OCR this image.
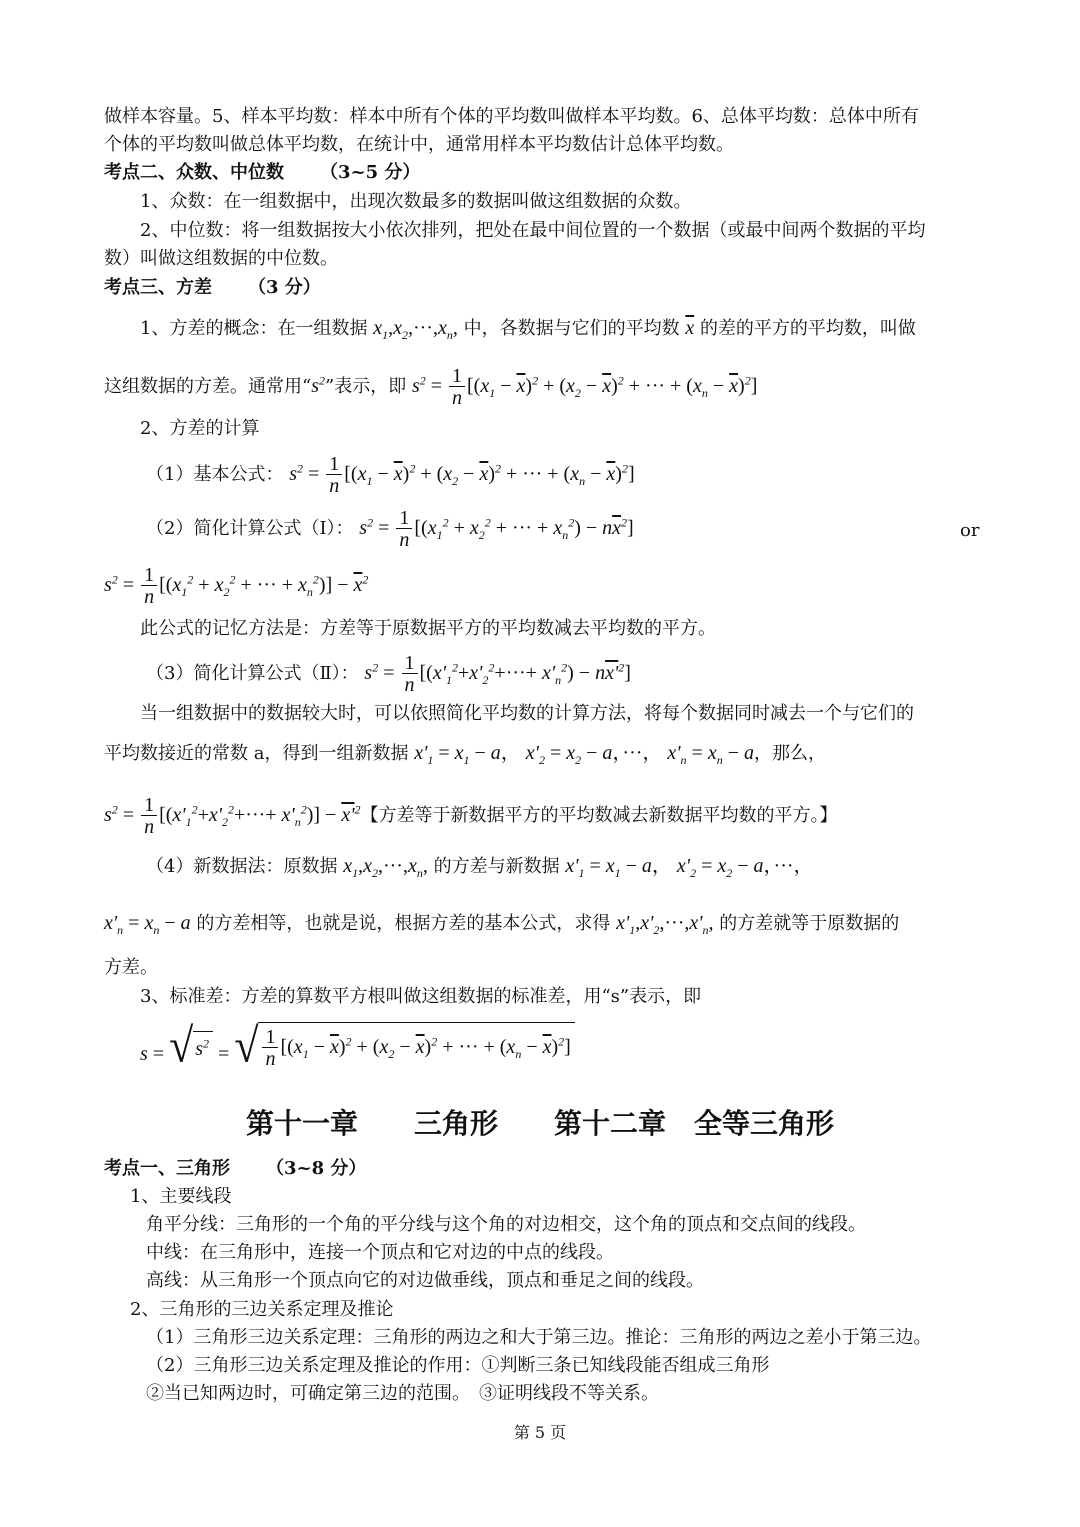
做样本容量。5、样本平均数：样本中所有个体的平均数叫做样本平均数。6、总体平均数：总体中所有
个体的平均数叫做总体平均数，在统计中，通常用样本平均数估计总体平均数。
考点二、众数、中位数 （3~5 分）
1、众数：在一组数据中，出现次数最多的数据叫做这组数据的众数。
2、中位数：将一组数据按大小依次排列，把处在最中间位置的一个数据（或最中间两个数据的平均
数）叫做这组数据的中位数。
考点三、方差 （3 分）
1、方差的概念：在一组数据 $x_1,x_2,\cdot\cdot\cdot,x_n$, 中，各数据与它们的平均数 $\overline{x}$ 的差的平方的平均数，叫做
这组数据的方差。通常用“$s^2$”表示，即 $s^2 = \frac{1}{n} [(x_1 - \overline{x})^2 + (x_2 - \overline{x})^2$ + ··· + $(x_n - \overline{x})^2$]
2、方差的计算
（1）基本公式： $s^2 = \frac{1}{n} [(x_1 - \overline{x})^2 + (x_2 - \overline{x})^2$ + ··· + $(x_n - \overline{x})^2$]
（2）简化计算公式（Ⅰ）： $s^2 = \frac{1}{n} [(x_1^2 + x_2^2$ + ··· + $x_n^2) - n\overline{x}^2$]	or
$s^2 = \frac{1}{n} [(x_1^2 + x_2^2$ + ··· + $x_n^2)] - \overline{x}^2$
此公式的记忆方法是：方差等于原数据平方的平均数减去平均数的平方。
（3）简化计算公式（Ⅱ）： $s^2 = \frac{1}{n} [(x'_1^2+x'_2^2+\cdot\cdot\cdot+ x'_n^2) - nx'^2]$
当一组数据中的数据较大时，可以依照简化平均数的计算方法，将每个数据同时减去一个与它们的
平均数接近的常数 a，得到一组新数据 $x'_1 = x_1 - a$， $x'_2 = x_2 - a$，···， $x'_n = x_n - a$，那么，
$s^2 = \frac{1}{n} [(x'_1^2+x'_2^2+\cdot\cdot\cdot+ x'_n^2)] - x'^2$【方差等于新数据平方的平均数减去新数据平均数的平方。】
（4）新数据法：原数据 $x_1,x_2,\cdot\cdot\cdot,x_n$, 的方差与新数据 $x'_1 = x_1 - a$， $x'_2 = x_2 - a$，···，
$x'_n = x_n - a$ 的方差相等，也就是说，根据方差的基本公式，求得 $x'_1,x'_2,\cdot\cdot\cdot,x'_n$, 的方差就等于原数据的
方差。
3、标准差：方差的算数平方根叫做这组数据的标准差，用“s”表示，即
s = √ $s^2$
= √ $\frac{1}{n} [(x_1 - \overline{x})^2 + (x_2 - \overline{x})^2$ + ··· + $(x_n - \overline{x})^2$]
第十一章　　三角形　　第十二章　全等三角形
考点一、三角形 （3~8 分）
1、主要线段
角平分线：三角形的一个角的平分线与这个角的对边相交，这个角的顶点和交点间的线段。
中线：在三角形中，连接一个顶点和它对边的中点的线段。
高线：从三角形一个顶点向它的对边做垂线，顶点和垂足之间的线段。
2、三角形的三边关系定理及推论
（1）三角形三边关系定理：三角形的两边之和大于第三边。推论：三角形的两边之差小于第三边。
（2）三角形三边关系定理及推论的作用：①判断三条已知线段能否组成三角形
②当已知两边时，可确定第三边的范围。　③证明线段不等关系。
第 5 页
